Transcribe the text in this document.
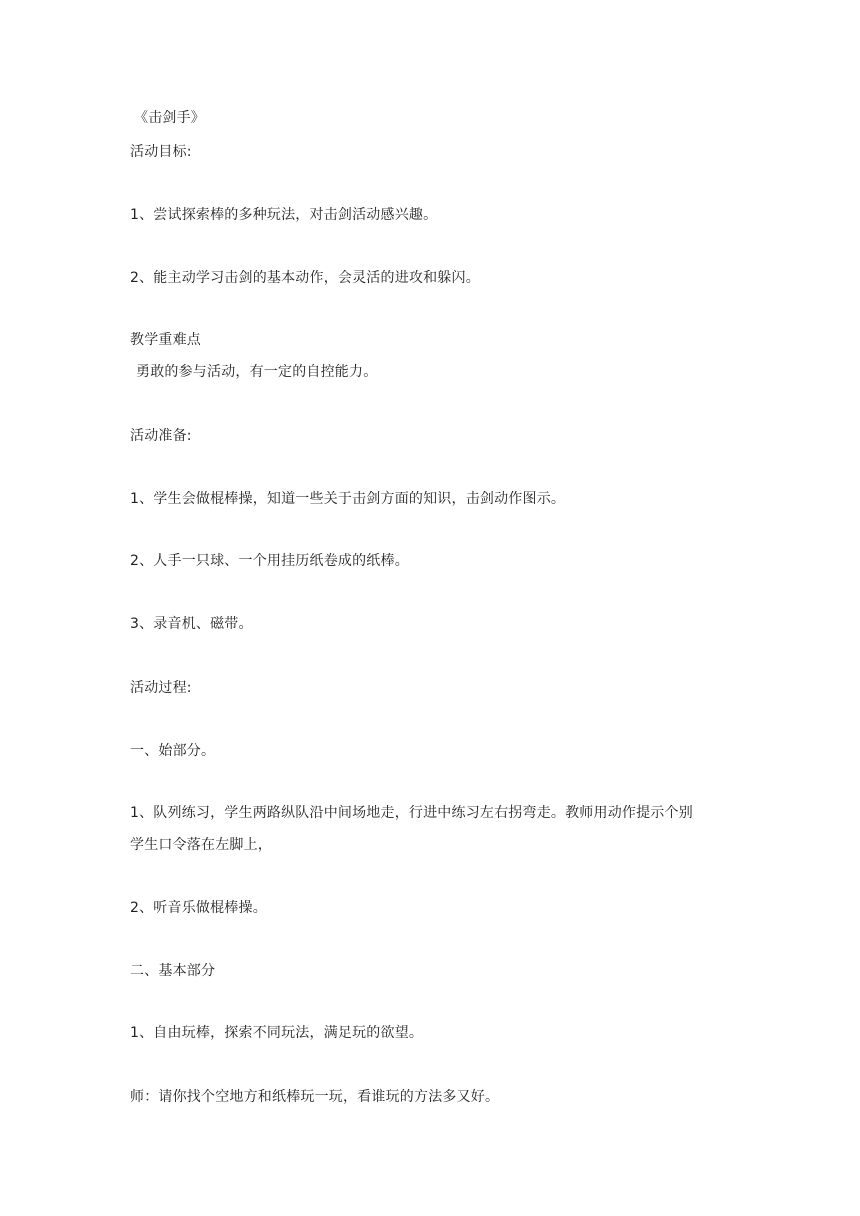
《击剑手》
活动目标:
1、尝试探索棒的多种玩法，对击剑活动感兴趣。
2、能主动学习击剑的基本动作，会灵活的进攻和躲闪。
教学重难点
勇敢的参与活动，有一定的自控能力。
活动准备:
1、学生会做棍棒操，知道一些关于击剑方面的知识，击剑动作图示。
2、人手一只球、一个用挂历纸卷成的纸棒。
3、录音机、磁带。
活动过程:
一、始部分。
1、队列练习，学生两路纵队沿中间场地走，行进中练习左右拐弯走。教师用动作提示个别
学生口令落在左脚上，
2、听音乐做棍棒操。
二、基本部分
1、自由玩棒，探索不同玩法，满足玩的欲望。
师：请你找个空地方和纸棒玩一玩，看谁玩的方法多又好。
